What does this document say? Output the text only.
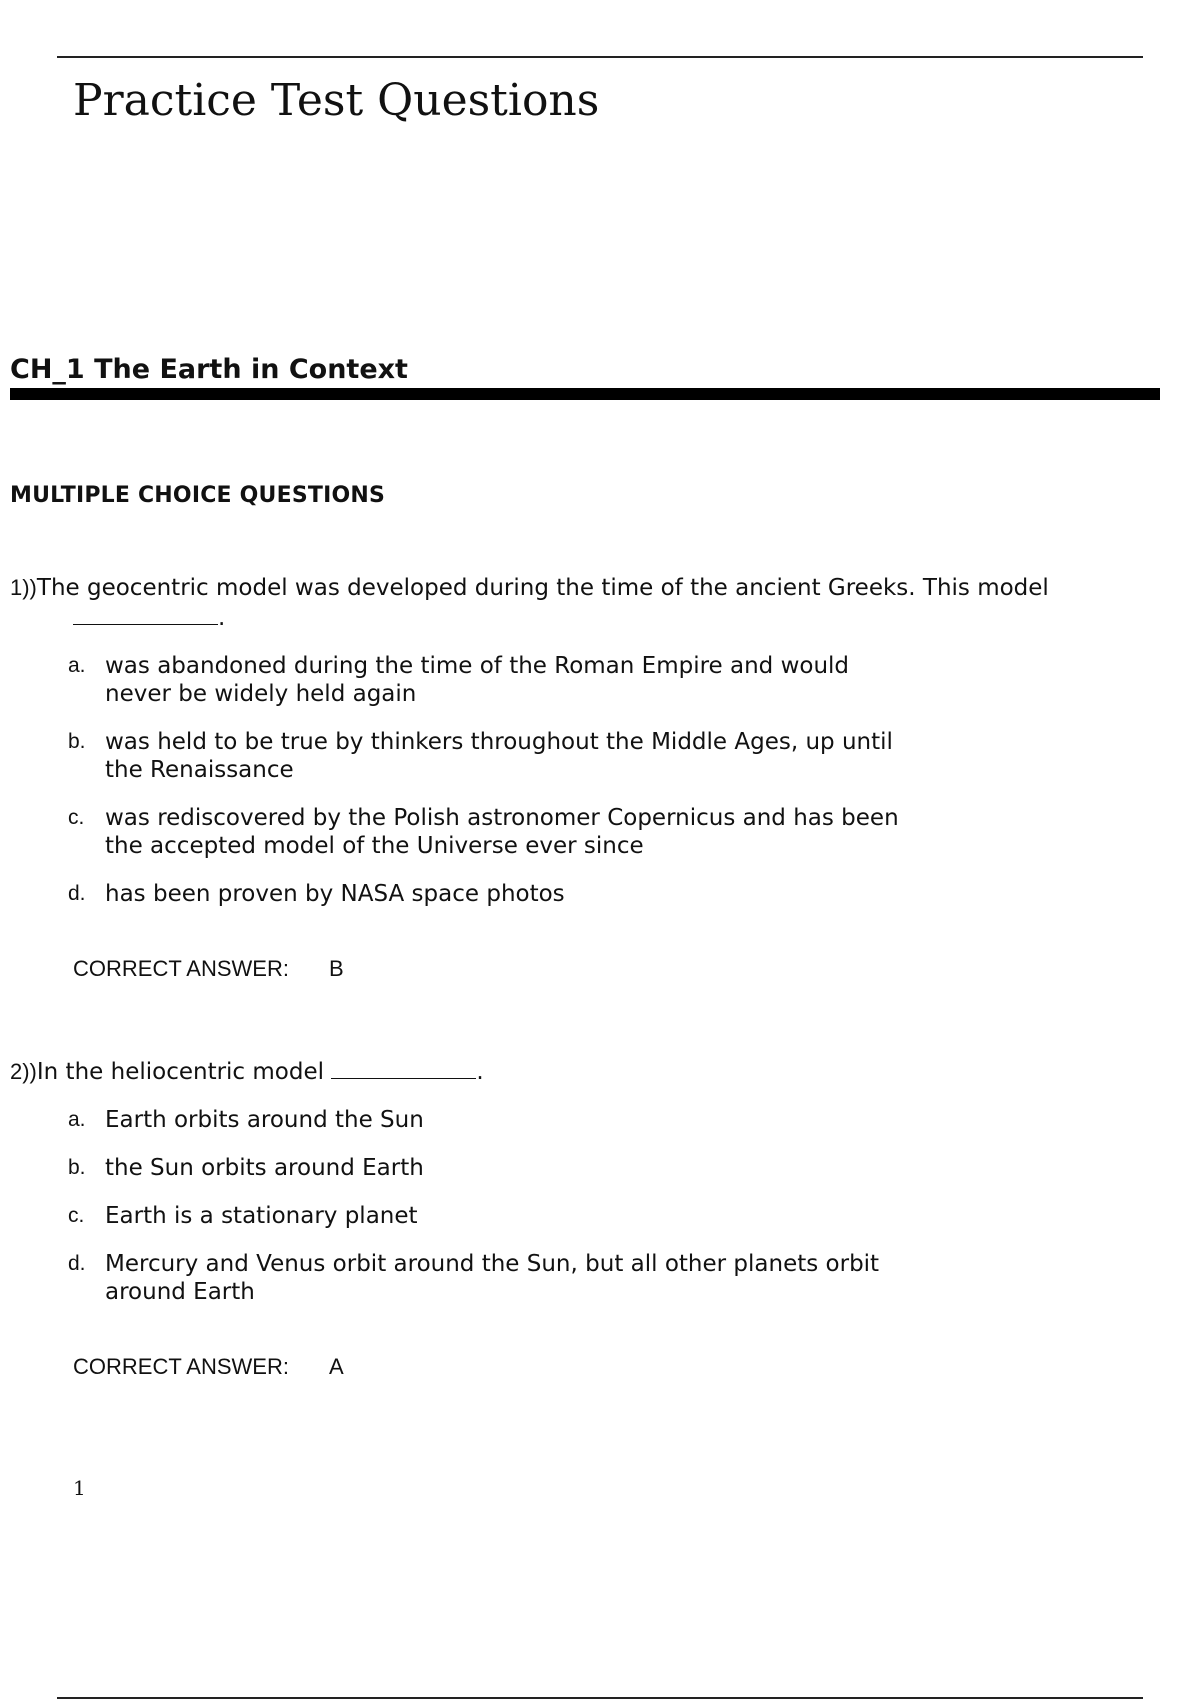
Practice Test Questions
CH_1 The Earth in Context
MULTIPLE CHOICE QUESTIONS

1))The geocentric model was developed during the time of the ancient Greeks. This model

.

a. was abandoned during the time of the Roman Empire and would never be widely held again
b. was held to be true by thinkers throughout the Middle Ages, up until the Renaissance
c. was rediscovered by the Polish astronomer Copernicus and has been the accepted model of the Universe ever since
d. has been proven by NASA space photos

CORRECT ANSWER: B

2))In the heliocentric model	.

a. Earth orbits around the Sun
b. the Sun orbits around Earth
c. Earth is a stationary planet
d. Mercury and Venus orbit around the Sun, but all other planets orbit around Earth

CORRECT ANSWER: A

1
